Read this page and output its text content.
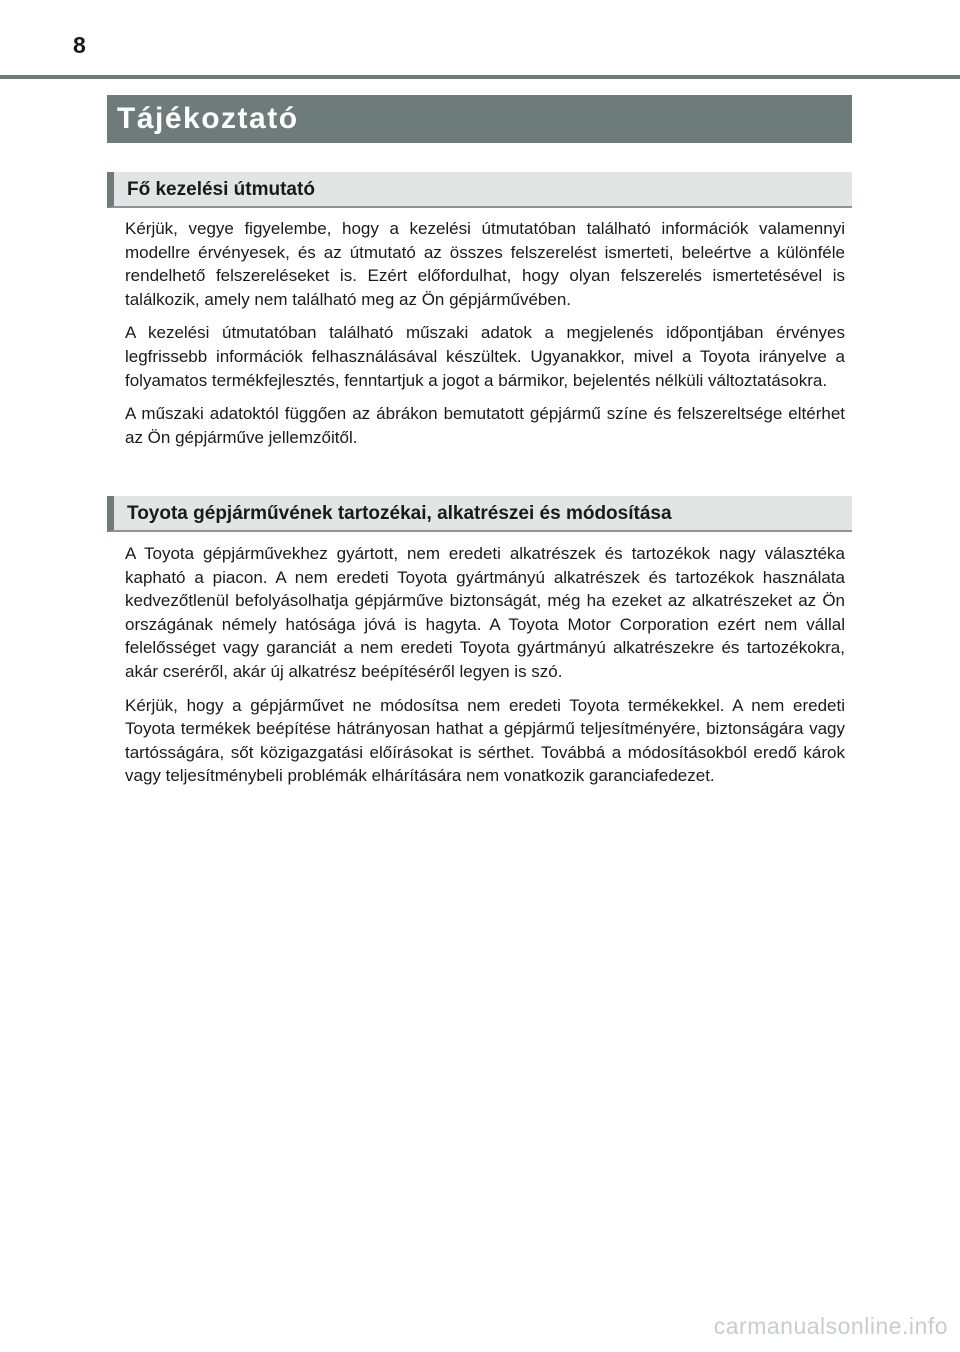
8
Tájékoztató
Fő kezelési útmutató

Kérjük, vegye figyelembe, hogy a kezelési útmutatóban található információk valamennyi modellre érvényesek, és az útmutató az összes felszerelést ismerteti, beleértve a különféle rendelhető felszereléseket is. Ezért előfordulhat, hogy olyan felszerelés ismertetésével is találkozik, amely nem található meg az Ön gépjárművében.

A kezelési útmutatóban található műszaki adatok a megjelenés időpontjában érvényes legfrissebb információk felhasználásával készültek. Ugyanakkor, mivel a Toyota irányelve a folyamatos termékfejlesztés, fenntartjuk a jogot a bármikor, bejelentés nélküli változtatásokra.

A műszaki adatoktól függően az ábrákon bemutatott gépjármű színe és felszereltsége eltérhet az Ön gépjárműve jellemzőitől.

Toyota gépjárművének tartozékai, alkatrészei és módosítása

A Toyota gépjárművekhez gyártott, nem eredeti alkatrészek és tartozékok nagy választéka kapható a piacon. A nem eredeti Toyota gyártmányú alkatrészek és tartozékok használata kedvezőtlenül befolyásolhatja gépjárműve biztonságát, még ha ezeket az alkatrészeket az Ön országának némely hatósága jóvá is hagyta. A Toyota Motor Corporation ezért nem vállal felelősséget vagy garanciát a nem eredeti Toyota gyártmányú alkatrészekre és tartozékokra, akár cseréről, akár új alkatrész beépítéséről legyen is szó.

Kérjük, hogy a gépjárművet ne módosítsa nem eredeti Toyota termékekkel. A nem eredeti Toyota termékek beépítése hátrányosan hathat a gépjármű teljesítményére, biztonságára vagy tartósságára, sőt közigazgatási előírásokat is sérthet. Továbbá a módosításokból eredő károk vagy teljesítménybeli problémák elhárítására nem vonatkozik garanciafedezet.

carmanualsonline.info
